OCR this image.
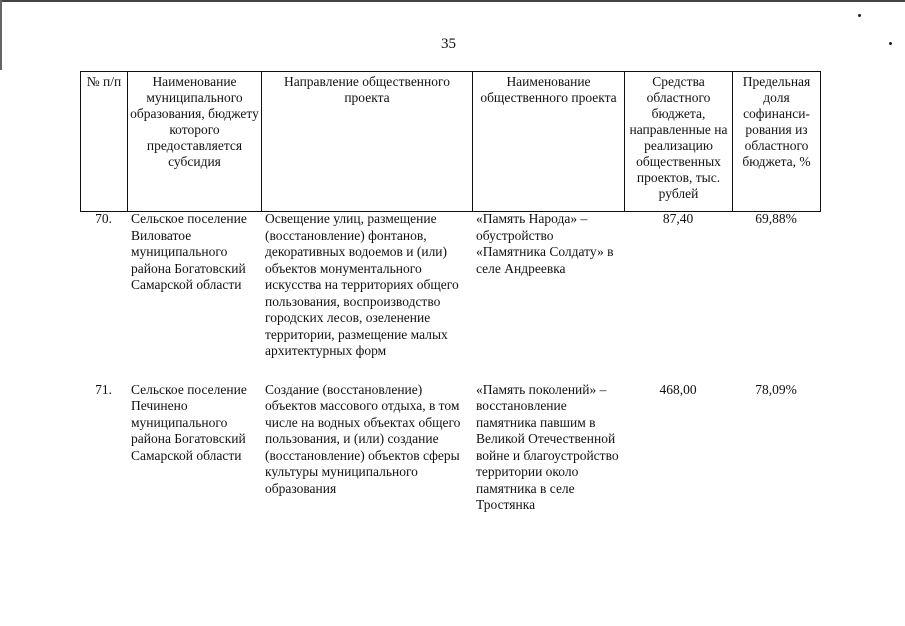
35
№ п/п	Наименование муниципального образования, бюджету которого предоставляется субсидия	Направление общественного проекта	Наименование общественного проекта	Средства областного бюджета, направленные на реализацию общественных проектов, тыс. рублей	Предельная доля софинанси-рования из областного бюджета, %
70.	Сельское поселение Виловатое муниципального района Богатовский Самарской области	Освещение улиц, размещение (восстановление) фонтанов, декоративных водоемов и (или) объектов монументального искусства на территориях общего пользования, воспроизводство городских лесов, озеленение территории, размещение малых архитектурных форм	«Память Народа» – обустройство «Памятника Солдату» в селе Андреевка	87,40	69,88%

71.	Сельское поселение Печинено муниципального района Богатовский Самарской области	Создание (восстановление) объектов массового отдыха, в том числе на водных объектах общего пользования, и (или) создание (восстановление) объектов сферы культуры муниципального образования	«Память поколений» – восстановление памятника павшим в Великой Отечественной войне и благоустройство территории около памятника в селе Тростянка	468,00	78,09%
